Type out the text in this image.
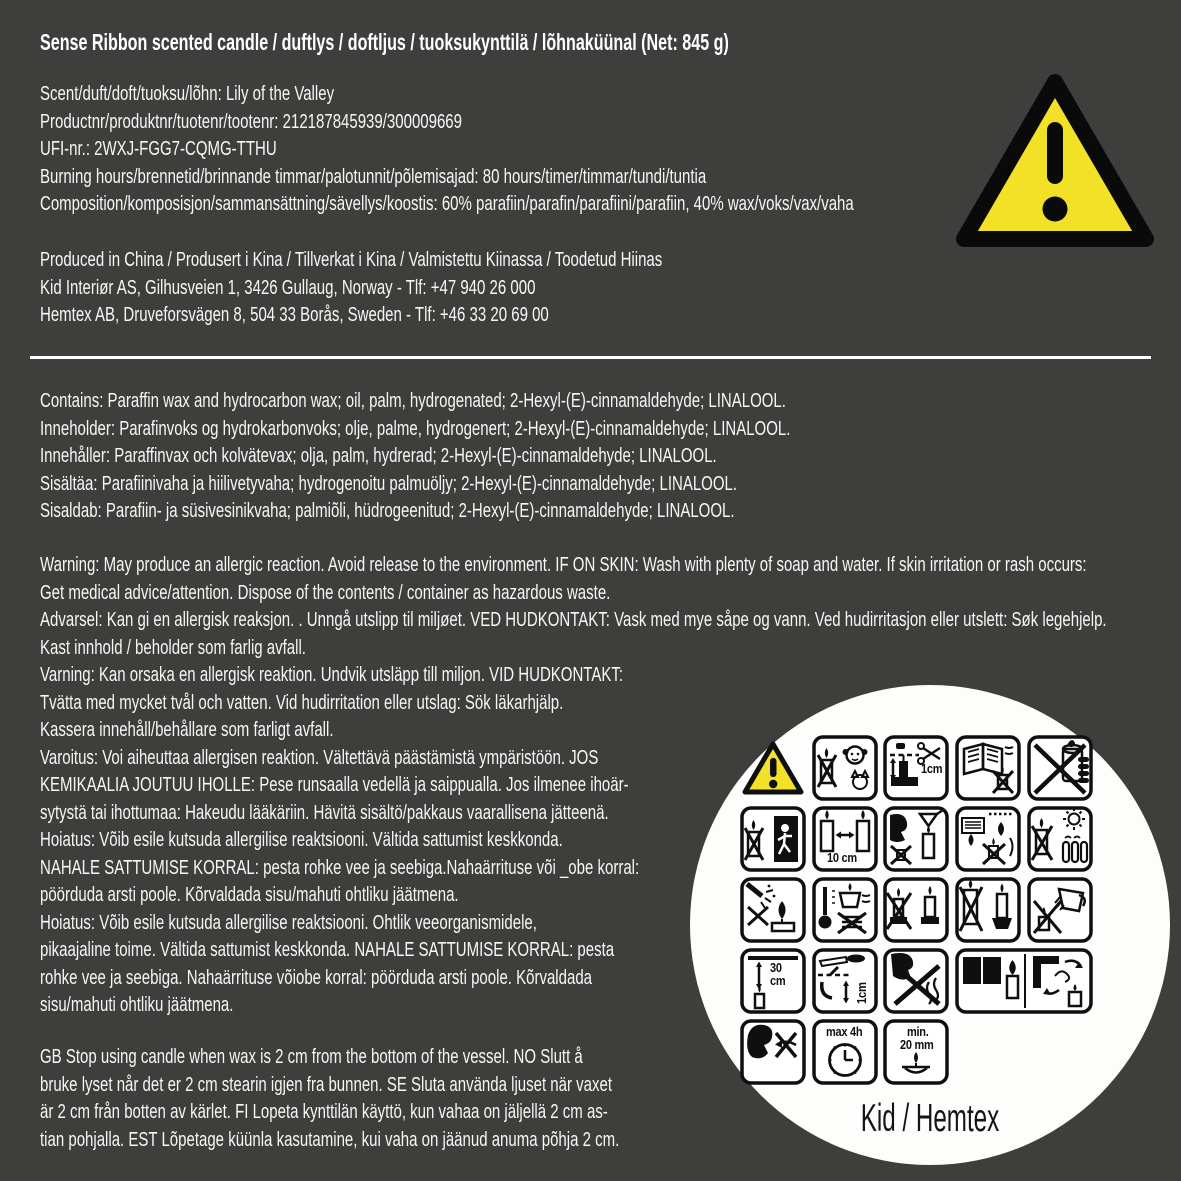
Sense Ribbon scented candle / duftlys / doftljus / tuoksukynttilä / lõhnaküünal (Net: 845 g)
Scent/duft/doft/tuoksu/lõhn: Lily of the Valley
Productnr/produktnr/tuotenr/tootenr: 212187845939/300009669
UFI-nr.: 2WXJ-FGG7-CQMG-TTHU
Burning hours/brennetid/brinnande timmar/palotunnit/põlemisajad: 80 hours/timer/timmar/tundi/tuntia
Composition/komposisjon/sammansättning/sävellys/koostis: 60% parafiin/parafin/parafiini/parafiin, 40% wax/voks/vax/vaha
Produced in China / Produsert i Kina / Tillverkat i Kina / Valmistettu Kiinassa / Toodetud Hiinas
Kid Interiør AS, Gilhusveien 1, 3426 Gullaug, Norway - Tlf: +47 940 26 000
Hemtex AB, Druveforsvägen 8, 504 33 Borås, Sweden - Tlf: +46 33 20 69 00
Contains: Paraffin wax and hydrocarbon wax; oil, palm, hydrogenated; 2-Hexyl-(E)-cinnamaldehyde; LINALOOL.
Inneholder: Parafinvoks og hydrokarbonvoks; olje, palme, hydrogenert; 2-Hexyl-(E)-cinnamaldehyde; LINALOOL.
Innehåller: Paraffinvax och kolvätevax; olja, palm, hydrerad; 2-Hexyl-(E)-cinnamaldehyde; LINALOOL.
Sisältäa: Parafiinivaha ja hiilivetyvaha; hydrogenoitu palmuöljy; 2-Hexyl-(E)-cinnamaldehyde; LINALOOL.
Sisaldab: Parafiin- ja süsivesinikvaha; palmiõli, hüdrogeenitud; 2-Hexyl-(E)-cinnamaldehyde; LINALOOL.
Warning: May produce an allergic reaction. Avoid release to the environment. IF ON SKIN: Wash with plenty of soap and water. If skin irritation or rash occurs:
Get medical advice/attention. Dispose of the contents / container as hazardous waste.
Advarsel: Kan gi en allergisk reaksjon. . Unngå utslipp til miljøet. VED HUDKONTAKT: Vask med mye såpe og vann. Ved hudirritasjon eller utslett: Søk legehjelp.
Kast innhold / beholder som farlig avfall.
Varning: Kan orsaka en allergisk reaktion. Undvik utsläpp till miljon. VID HUDKONTAKT:
Tvätta med mycket tvål och vatten. Vid hudirritation eller utslag: Sök läkarhjälp.
Kassera innehåll/behållare som farligt avfall.
Varoitus: Voi aiheuttaa allergisen reaktion. Vältettävä päästämistä ympäristöön. JOS
KEMIKAALIA JOUTUU IHOLLE: Pese runsaalla vedellä ja saippualla. Jos ilmenee ihoär-
sytystä tai ihottumaa: Hakeudu lääkäriin. Hävitä sisältö/pakkaus vaarallisena jätteenä.
Hoiatus: Võib esile kutsuda allergilise reaktsiooni. Vältida sattumist keskkonda.
NAHALE SATTUMISE KORRAL: pesta rohke vee ja seebiga.Nahaärrituse või _obe korral:
pöörduda arsti poole. Kõrvaldada sisu/mahuti ohtliku jäätmena.
Hoiatus: Võib esile kutsuda allergilise reaktsiooni. Ohtlik veeorganismidele,
pikaajaline toime. Vältida sattumist keskkonda. NAHALE SATTUMISE KORRAL: pesta
rohke vee ja seebiga. Nahaärrituse võiobe korral: pöörduda arsti poole. Kõrvaldada
sisu/mahuti ohtliku jäätmena.
GB Stop using candle when wax is 2 cm from the bottom of the vessel. NO Slutt å
bruke lyset når det er 2 cm stearin igjen fra bunnen. SE Sluta använda ljuset när vaxet
är 2 cm från botten av kärlet. FI Lopeta kynttilän käyttö, kun vahaa on jäljellä 2 cm as-
tian pohjalla. EST Lõpetage küünla kasutamine, kui vaha on jäänud anuma põhja 2 cm.
1cm
10 cm
30
cm
1cm
max 4h	min.
20 mm
Kid / Hemtex
